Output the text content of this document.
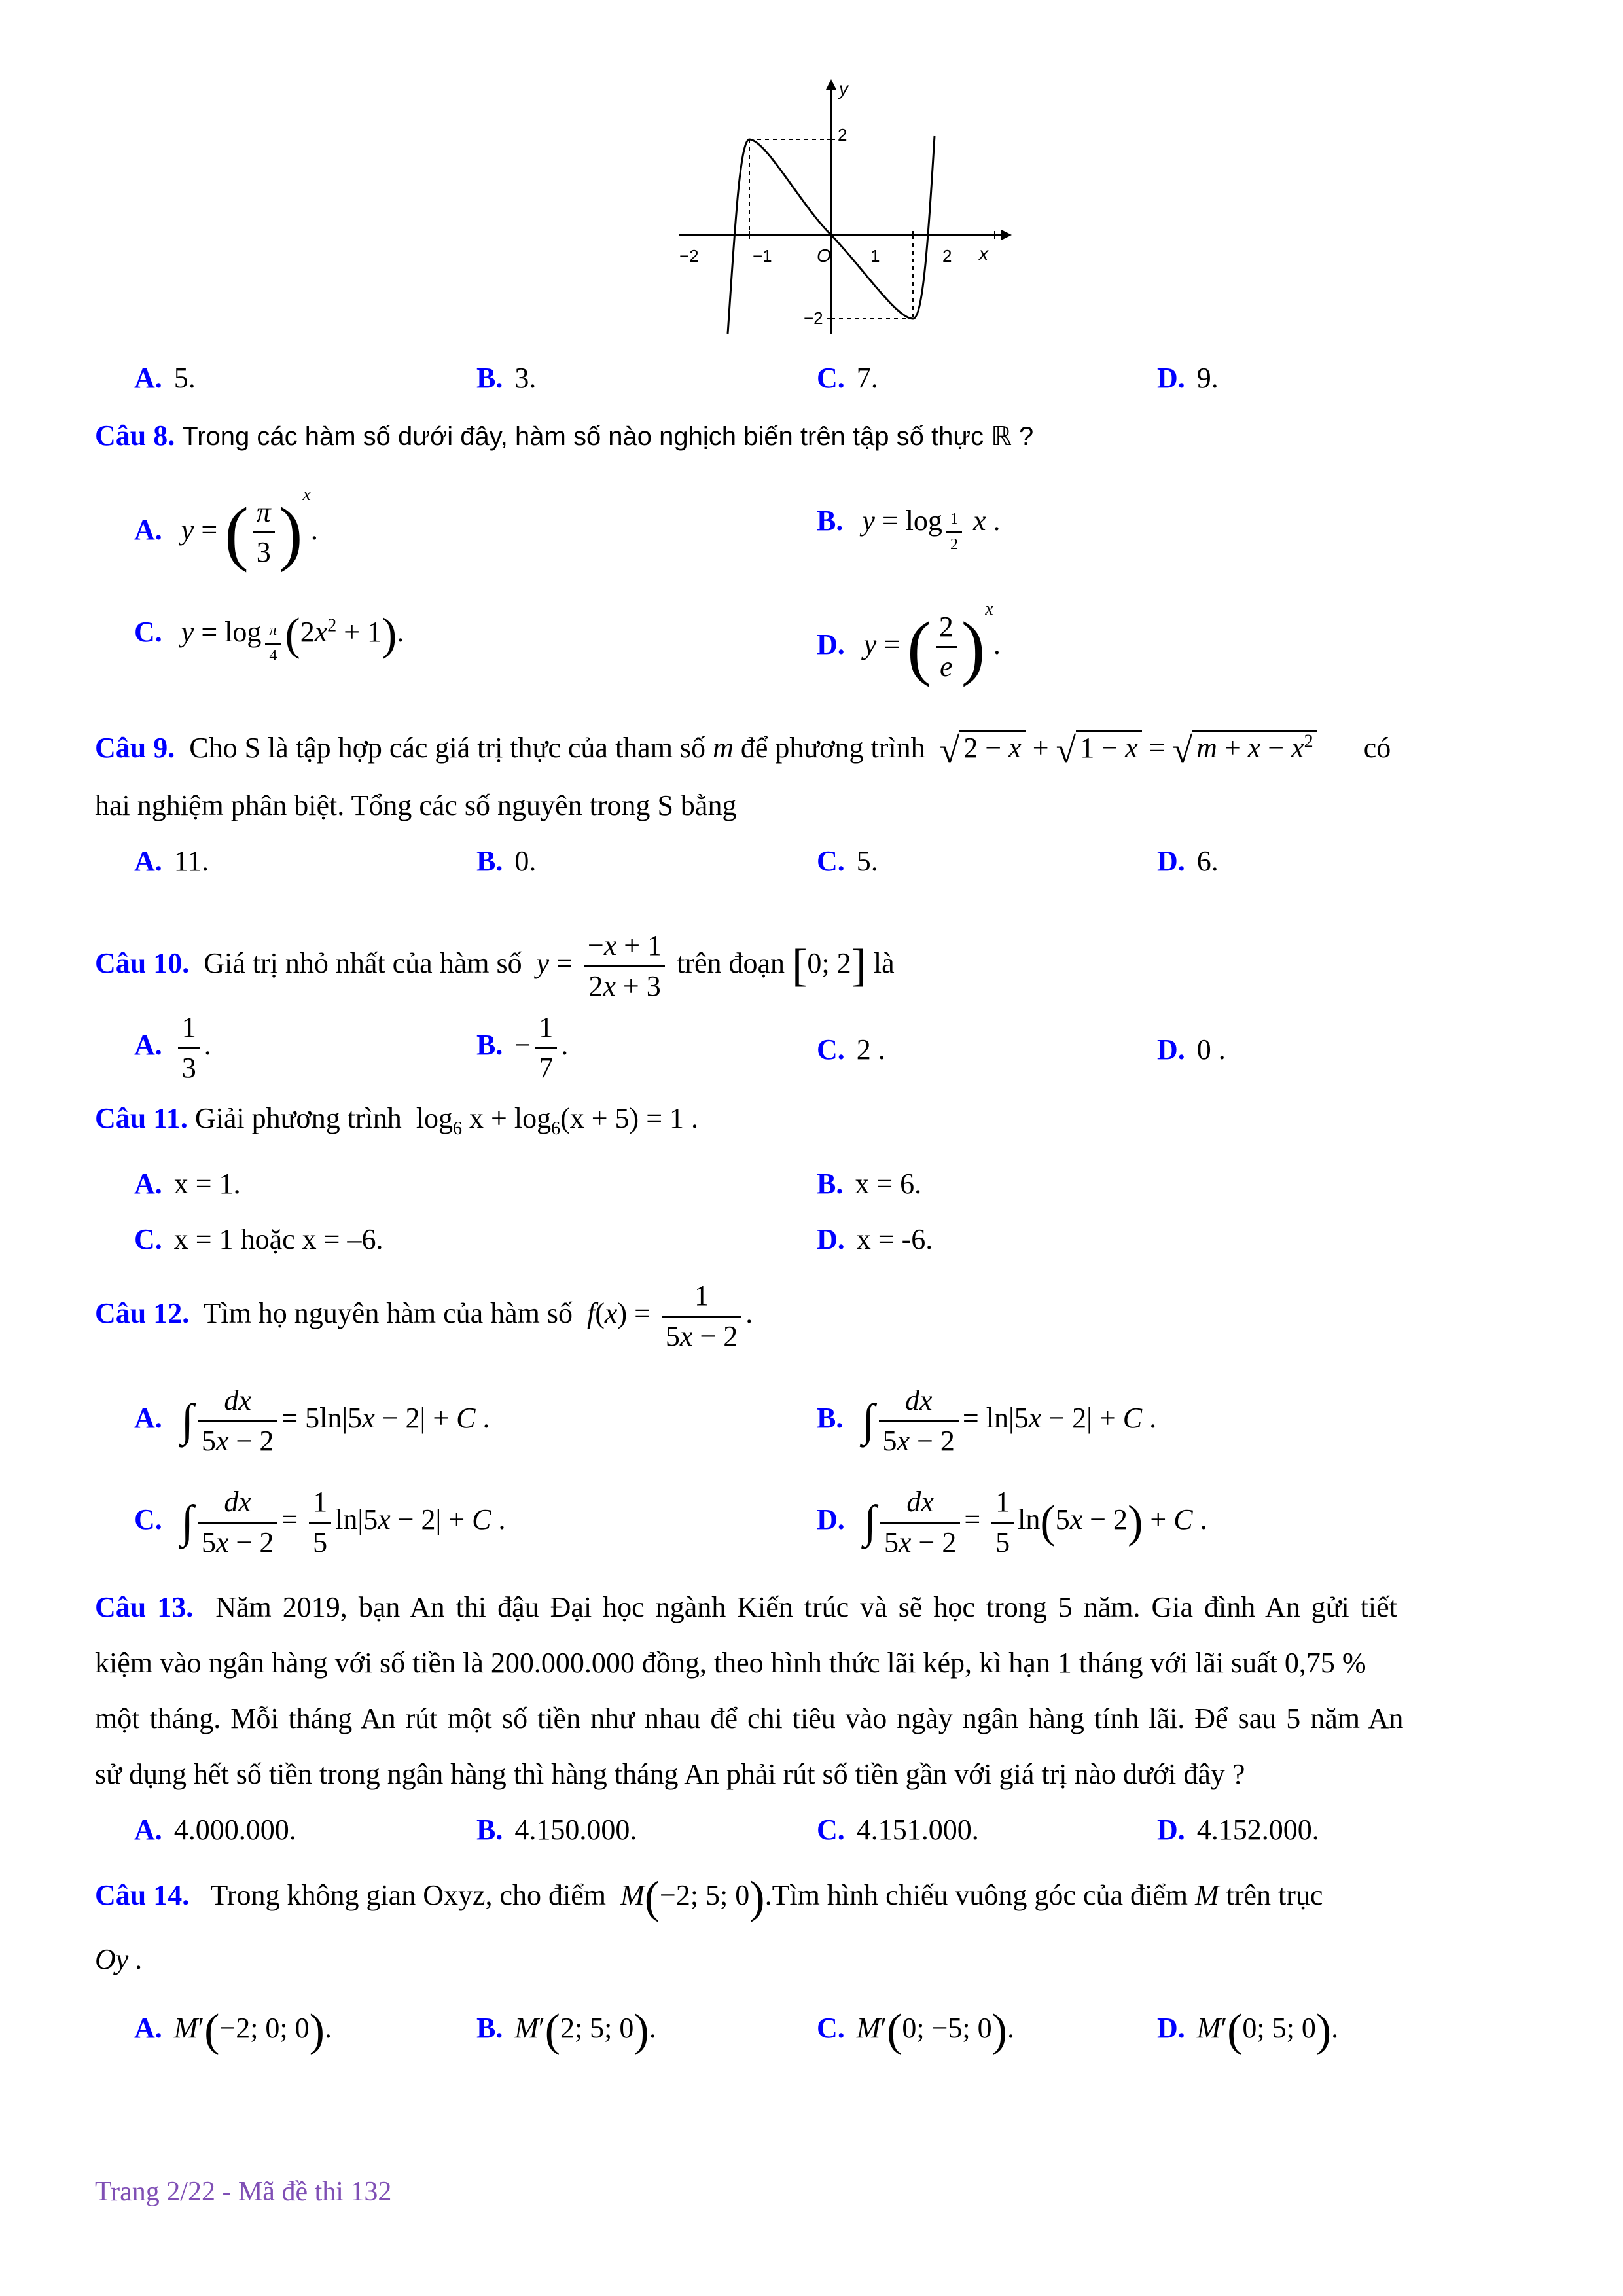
−2	−1 O 1	2 x
y
2
−2
A. 5.	B. 3.	C. 7.	D. 9.
Câu 8. Trong các hàm số dưới đây, hàm số nào nghịch biến trên tập số thực ℝ ?
A. y = ( $\frac{\pi}{3} )^x$.	B. y = log $_{\frac{1}{2}}$ x .
C. y = log $_{\frac{\pi}{4}}$ $(2x^2 + 1)$.	D. y = ( $\frac{2}{e} )^x$.
Câu 9. Cho S là tập hợp các giá trị thực của tham số m để phương trình √ 2 − x + √ 1 − x = √ $m + x - x^2$ có
hai nghiệm phân biệt. Tổng các số nguyên trong S bằng
A. 11.	B. 0.	C. 5.	D. 6.
Câu 10. Giá trị nhỏ nhất của hàm số $y = \frac{-x + 1}{2x + 3}$ trên đoạn [0; 2] là
A. $\frac{1}{3}$ .	B. − $\frac{1}{7}$ .	C. 2 .	D. 0 .
Câu 11. Giải phương trình  $\log_6 x + \log_6(x + 5) = 1$ .
A. x = 1.	B. x = 6.
C. x = 1 hoặc x = –6.	D. x = -6.
Câu 12. Tìm họ nguyên hàm của hàm số $f(x) = \frac{1}{5x - 2}$ .
A. ∫ $\frac{dx}{5x - 2} = 5\ln|5x - 2| + C$ .	B. ∫ $\frac{dx}{5x - 2} = \ln|5x - 2| + C$ .
C. ∫ $\frac{dx}{5x - 2} = \frac{1}{5} \ln|5x - 2| + C$ .	D. ∫ $\frac{dx}{5x - 2} = \frac{1}{5} \ln(5x - 2) + C$ .
Câu 13. Năm 2019, bạn An thi đậu Đại học ngành Kiến trúc và sẽ học trong 5 năm. Gia đình An gửi tiết
kiệm vào ngân hàng với số tiền là 200.000.000 đồng, theo hình thức lãi kép, kì hạn 1 tháng với lãi suất 0,75 %
một tháng. Mỗi tháng An rút một số tiền như nhau để chi tiêu vào ngày ngân hàng tính lãi. Để sau 5 năm An
sử dụng hết số tiền trong ngân hàng thì hàng tháng An phải rút số tiền gần với giá trị nào dưới đây ?
A. 4.000.000.	B. 4.150.000.	C. 4.151.000.	D. 4.152.000.
Câu 14. Trong không gian Oxyz, cho điểm M(−2; 5; 0).Tìm hình chiếu vuông góc của điểm M trên trục
Oy .
A. M′(−2; 0; 0).	B. M′(2; 5; 0).	C. M′(0; −5; 0).	D. M′(0; 5; 0).
Trang 2/22 - Mã đề thi 132
